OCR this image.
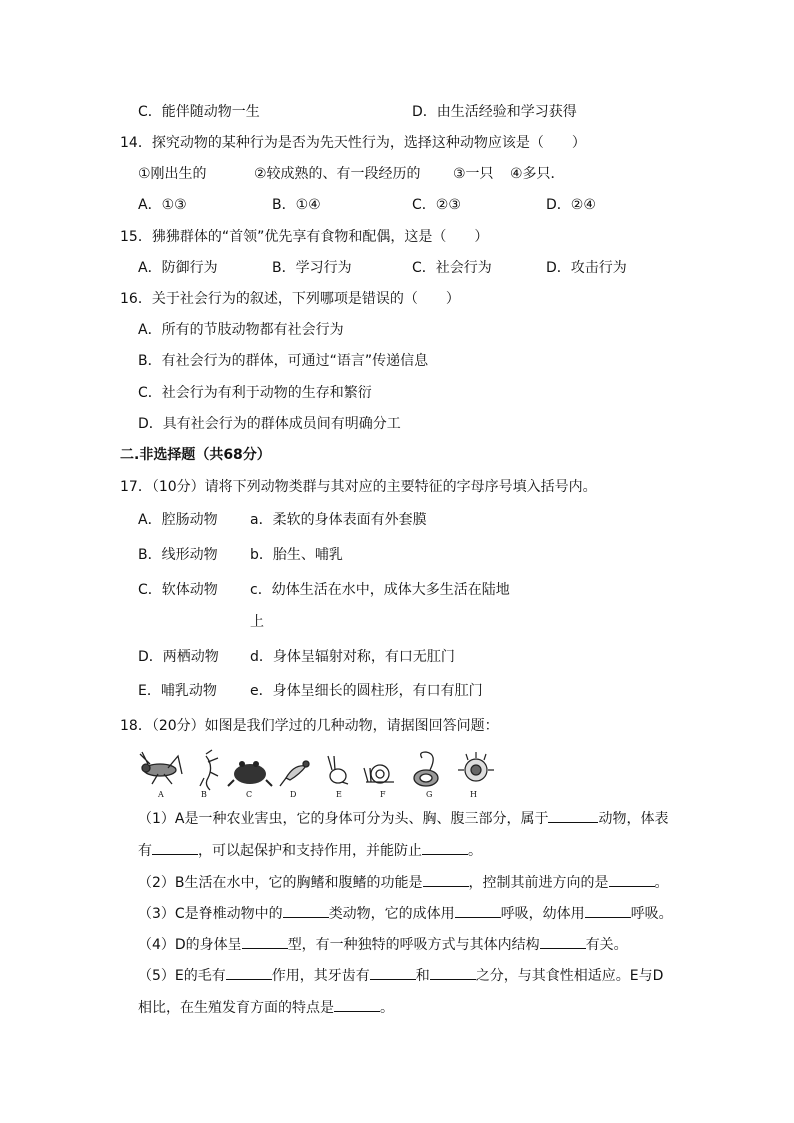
C．能伴随动物一生	D．由生活经验和学习获得
14．探究动物的某种行为是否为先天性行为，选择这种动物应该是（　　）
①刚出生的	②较成熟的、有一段经历的 ③一只 ④多只．
A．①③	B．①④	C．②③	D．②④
15．狒狒群体的“首领”优先享有食物和配偶，这是（　　）
A．防御行为	B．学习行为	C．社会行为	D．攻击行为
16．关于社会行为的叙述，下列哪项是错误的（　　）
A．所有的节肢动物都有社会行为
B．有社会行为的群体，可通过“语言”传递信息
C．社会行为有利于动物的生存和繁衍
D．具有社会行为的群体成员间有明确分工
二.非选择题（共68分）
17．（10分）请将下列动物类群与其对应的主要特征的字母序号填入括号内。
A．腔肠动物 a．柔软的身体表面有外套膜
B．线形动物 b．胎生、哺乳
C．软体动物 c．幼体生活在水中，成体大多生活在陆地
上
D．两栖动物 d．身体呈辐射对称，有口无肛门
E．哺乳动物 e．身体呈细长的圆柱形，有口有肛门
18．（20分）如图是我们学过的几种动物，请据图回答问题：
A	B	C	D	E	F	G	H
（1）A是一种农业害虫，它的身体可分为头、胸、腹三部分，属于	动物，体表
有	，可以起保护和支持作用，并能防止	。
（2）B生活在水中，它的胸鳍和腹鳍的功能是	，控制其前进方向的是	。
（3）C是脊椎动物中的	类动物，它的成体用	呼吸，幼体用	呼吸。
（4）D的身体呈	型，有一种独特的呼吸方式与其体内结构	有关。
（5）E的毛有	作用，其牙齿有	和	之分，与其食性相适应。E与D
相比，在生殖发育方面的特点是	。
